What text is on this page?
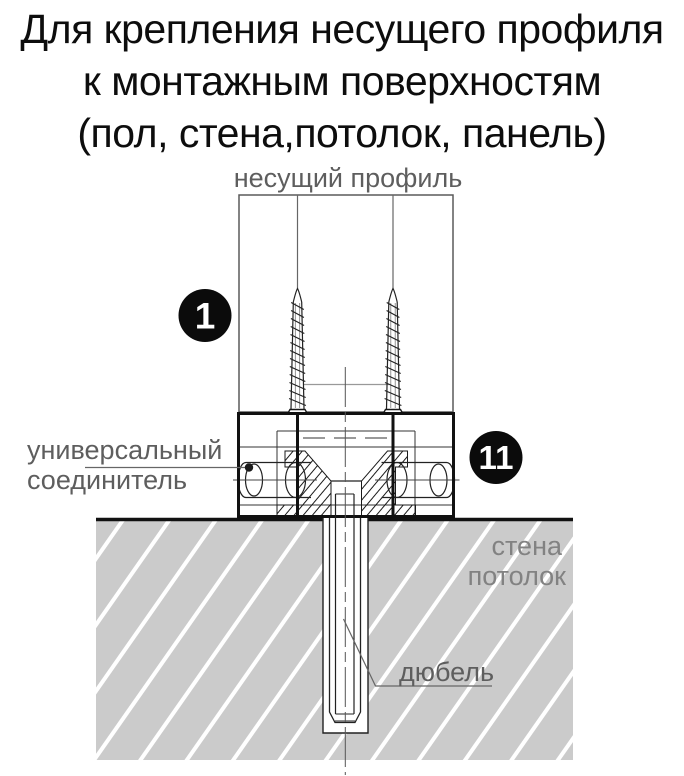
Для крепления несущего профиля
к монтажным поверхностям
(пол, стена,потолок, панель)
несущий профиль
универсальный
соединитель
стена
потолок
дюбель
1
11
